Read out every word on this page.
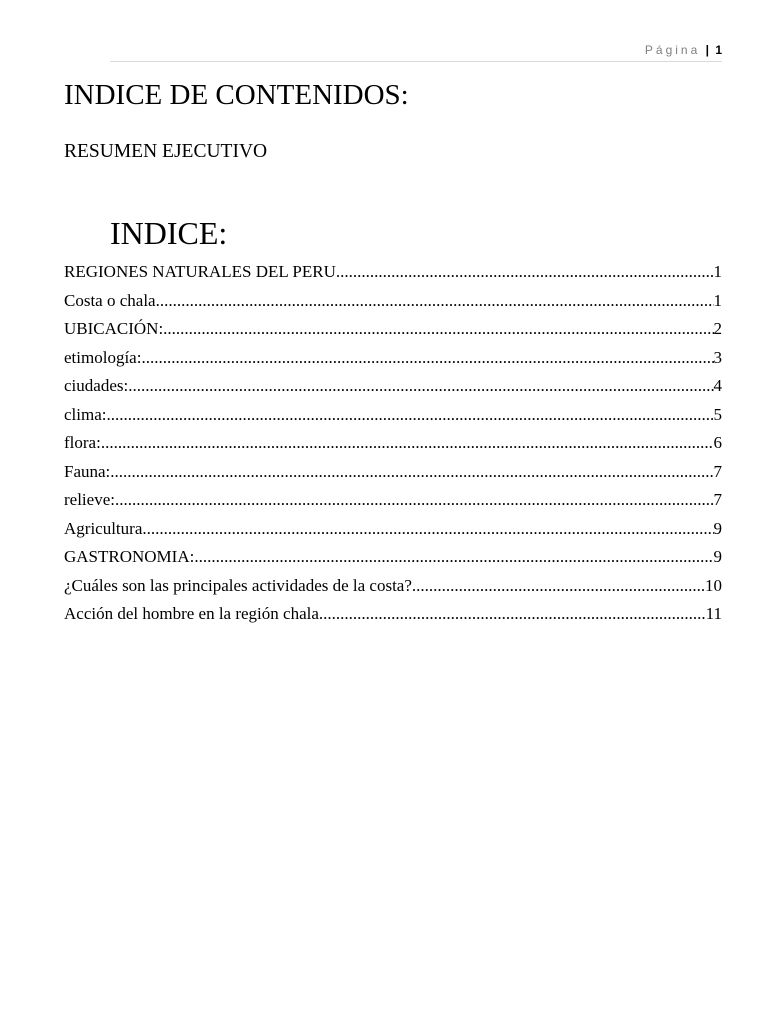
Página | 1
INDICE DE CONTENIDOS:
RESUMEN EJECUTIVO
INDICE:
REGIONES NATURALES DEL PERU .....	1
Costa o chala .....	1
UBICACIÓN: .....	2
etimología: .....	3
ciudades: .....	4
clima: .....	5
flora: .....	6
Fauna: .....	7
relieve: .....	7
Agricultura .....	9
GASTRONOMIA: .....	9
¿Cuáles son las principales actividades de la costa? .....	10
Acción del hombre en la región chala .....	11
